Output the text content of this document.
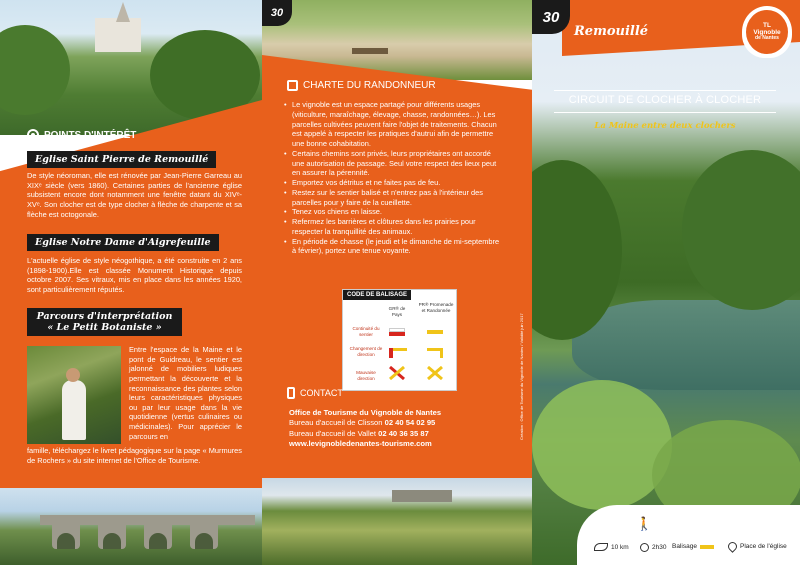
POINTS D'INTÉRÊT
Eglise Saint Pierre de Remouillé
De style néoroman, elle est rénovée par Jean-Pierre Garreau au XIXᵉ siècle (vers 1860). Certaines parties de l'ancienne église subsistent encore dont notamment une fenêtre datant du XIVᵉ-XVᵉ. Son clocher est de type clocher à flèche de charpente et sa flèche est octogonale.
Eglise Notre Dame d'Aigrefeuille
L'actuelle église de style néogothique, a été construite en 2 ans (1898-1900).Elle est classée Monument Historique depuis octobre 2007. Ses vitraux, mis en place dans les années 1920, sont particulièrement réputés.
Parcours d'interprétation
« Le Petit Botaniste »
Entre l'espace de la Maine et le pont de Guidreau, le sentier est jalonné de mobiliers ludiques permettant la découverte et la reconnaissance des plantes selon leurs caractéristiques physiques ou par leur usage dans la vie quotidienne (vertus culinaires ou médicinales). Pour apprécier le parcours en
famille, téléchargez le livret pédagogique sur la page « Murmures de Rochers » du site internet de l'Office de Tourisme.
30
CHARTE DU RANDONNEUR
• Le vignoble est un espace partagé pour différents usages (viticulture, maraîchage, élevage, chasse, randonnées…). Les parcelles cultivées peuvent faire l'objet de traitements. Chacun est appelé à respecter les pratiques d'autrui afin de permettre une bonne cohabitation.
• Certains chemins sont privés, leurs propriétaires ont accordé une autorisation de passage. Seul votre respect des lieux peut en assurer la pérennité.
• Emportez vos détritus et ne faites pas de feu.
• Restez sur le sentier balisé et n'entrez pas à l'intérieur des parcelles pour y faire de la cueillette.
• Tenez vos chiens en laisse.
• Refermez les barrières et clôtures dans les prairies pour respecter la tranquillité des animaux.
• En période de chasse (le jeudi et le dimanche de mi-septembre à février), portez une tenue voyante.
CODE DE BALISAGE
GR® de Pays
PR® Promenade et Randonnée
Continuité du sentier
Changement de direction
Mauvaise direction
CONTACT
Office de Tourisme du Vignoble de Nantes
Bureau d'accueil de Clisson 02 40 54 02 95
Bureau d'accueil de Vallet 02 40 36 35 87
www.levignobledenantes-tourisme.com
Création : Office de Tourisme du Vignoble de Nantes / Validité juin 2017
30
Remouillé	TL
Vignoble
de Nantes
CIRCUIT DE CLOCHER À CLOCHER
La Maine entre deux clochers
🚶
10 km	2h30 Balisage	Place de l'église
